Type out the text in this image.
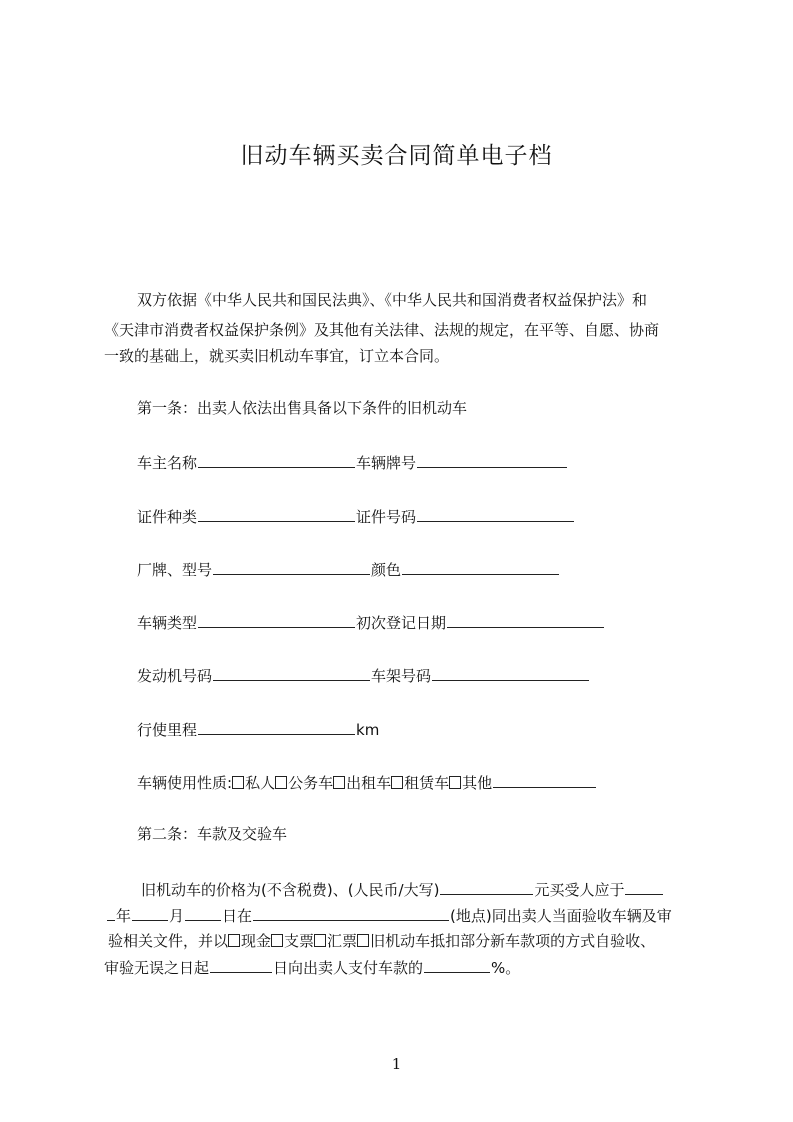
旧动车辆买卖合同简单电子档
双方依据《中华人民共和国民法典》、《中华人民共和国消费者权益保护法》和
《天津市消费者权益保护条例》及其他有关法律、法规的规定，在平等、自愿、协商
一致的基础上，就买卖旧机动车事宜，订立本合同。
第一条：出卖人依法出售具备以下条件的旧机动车
车主名称	车辆牌号
证件种类	证件号码
厂牌、型号	颜色
车辆类型	初次登记日期
发动机号码	车架号码
行使里程	km
车辆使用性质: 私人 公务车 出租车 租赁车 其他
第二条：车款及交验车
旧机动车的价格为(不含税费)、(人民币/大写)	元买受人应于
年	月	日在	(地点)同出卖人当面验收车辆及审
验相关文件，并以 现金 支票 汇票 旧机动车抵扣部分新车款项的方式自验收、
审验无误之日起	日向出卖人支付车款的	%。
1
